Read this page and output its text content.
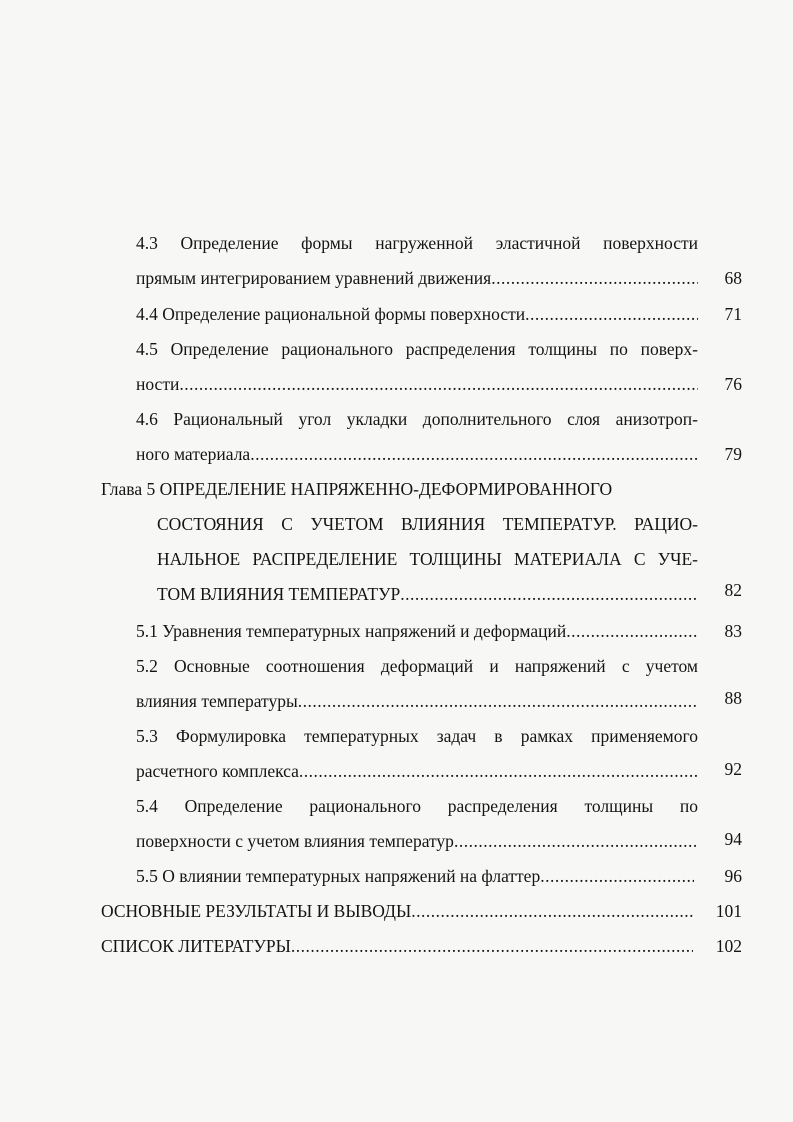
4.3 Определение формы нагруженной эластичной поверхности
прямым интегрированием уравнений движения .....	68
4.4 Определение рациональной формы поверхности .....	71
4.5 Определение рационального распределения толщины по поверх-
ности .....	76
4.6 Рациональный угол укладки дополнительного слоя анизотроп-
ного материала .....	79
Глава 5 ОПРЕДЕЛЕНИЕ НАПРЯЖЕННО-ДЕФОРМИРОВАННОГО
СОСТОЯНИЯ С УЧЕТОМ ВЛИЯНИЯ ТЕМПЕРАТУР. РАЦИО-
НАЛЬНОЕ РАСПРЕДЕЛЕНИЕ ТОЛЩИНЫ МАТЕРИАЛА С УЧЕ-
ТОМ ВЛИЯНИЯ ТЕМПЕРАТУР .....	82
5.1 Уравнения температурных напряжений и деформаций .....	83
5.2 Основные соотношения деформаций и напряжений с учетом
влияния температуры .....	88
5.3 Формулировка температурных задач в рамках применяемого
расчетного комплекса .....	92
5.4 Определение рационального распределения толщины по
поверхности с учетом влияния температур .....	94
5.5 О влиянии температурных напряжений на флаттер .....	96
ОСНОВНЫЕ РЕЗУЛЬТАТЫ И ВЫВОДЫ .....	101
СПИСОК ЛИТЕРАТУРЫ .....	102
